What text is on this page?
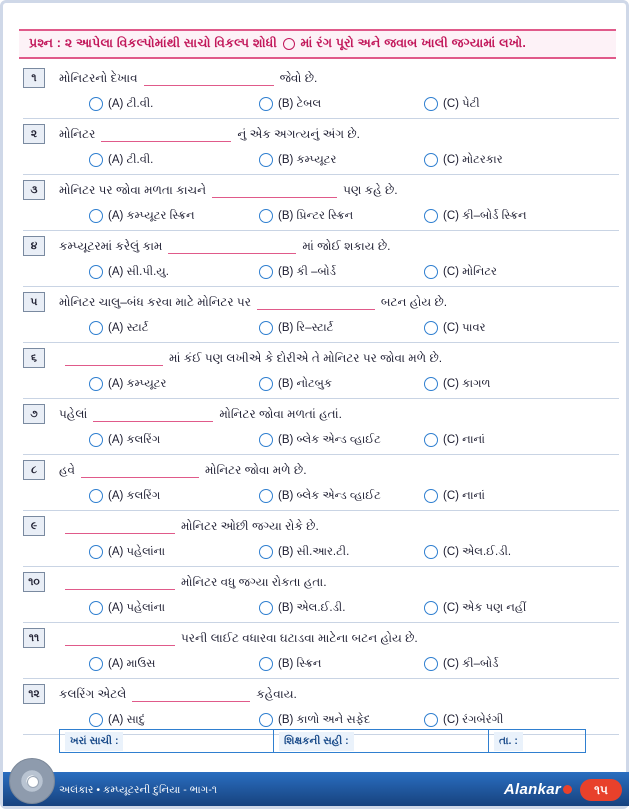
પ્રશ્ન : ૨ આપેલા વિકલ્પોમાંથી સાચો વિકલ્પ શોધી માં રંગ પૂરો અને જવાબ ખાલી જગ્યામાં લખો.
૧	મોનિટરનો દેખાવ	જેવો છે.
(A) ટી.વી.	(B) ટેબલ	(C) પેટી
૨	મોનિટર	નું એક અગત્યનું અંગ છે.
(A) ટી.વી.	(B) કમ્પ્યૂટર	(C) મોટરકાર
૩	મોનિટર પર જોવા મળતા કાચને	પણ કહે છે.
(A) કમ્પ્યૂટર સ્ક્રિન	(B) પ્રિન્ટર સ્ક્રિન	(C) કી–બોર્ડ સ્ક્રિન
૪	કમ્પ્યૂટરમાં કરેલું કામ	માં જોઈ શકાય છે.
(A) સી.પી.યુ.	(B) કી –બોર્ડ	(C) મોનિટર
૫	મોનિટર ચાલુ–બંધ કરવા માટે મોનિટર પર	બટન હોય છે.
(A) સ્ટાર્ટ	(B) રિ–સ્ટાર્ટ	(C) પાવર
૬	માં કંઈ પણ લખીએ કે દોરીએ તે મોનિટર પર જોવા મળે છે.
(A) કમ્પ્યૂટર	(B) નોટબુક	(C) કાગળ
૭	પહેલાં	મોનિટર જોવા મળતાં હતાં.
(A) કલરિંગ	(B) બ્લેક એન્ડ વ્હાઈટ	(C) નાનાં
૮	હવે	મોનિટર જોવા મળે છે.
(A) કલરિંગ	(B) બ્લેક એન્ડ વ્હાઈટ	(C) નાનાં
૯	મોનિટર ઓછી જગ્યા રોકે છે.
(A) પહેલાંના	(B) સી.આર.ટી.	(C) એલ.ઈ.ડી.
૧૦	મોનિટર વધુ જગ્યા રોકતા હતા.
(A) પહેલાંના	(B) એલ.ઈ.ડી.	(C) એક પણ નહીં
૧૧	પરની લાઈટ વધારવા ઘટાડવા માટેના બટન હોય છે.
(A) માઉસ	(B) સ્ક્રિન	(C) કી–બોર્ડ
૧૨	કલરિંગ એટલે	કહેવાય.
(A) સાદું	(B) કાળો અને સફેદ	(C) રંગબેરંગી
ખરાં સાચી :	શિક્ષકની સહી :	તા. :
અલંકાર • કમ્પ્યૂટરની દુનિયા - ભાગ-૧	Alankar	૧૫
